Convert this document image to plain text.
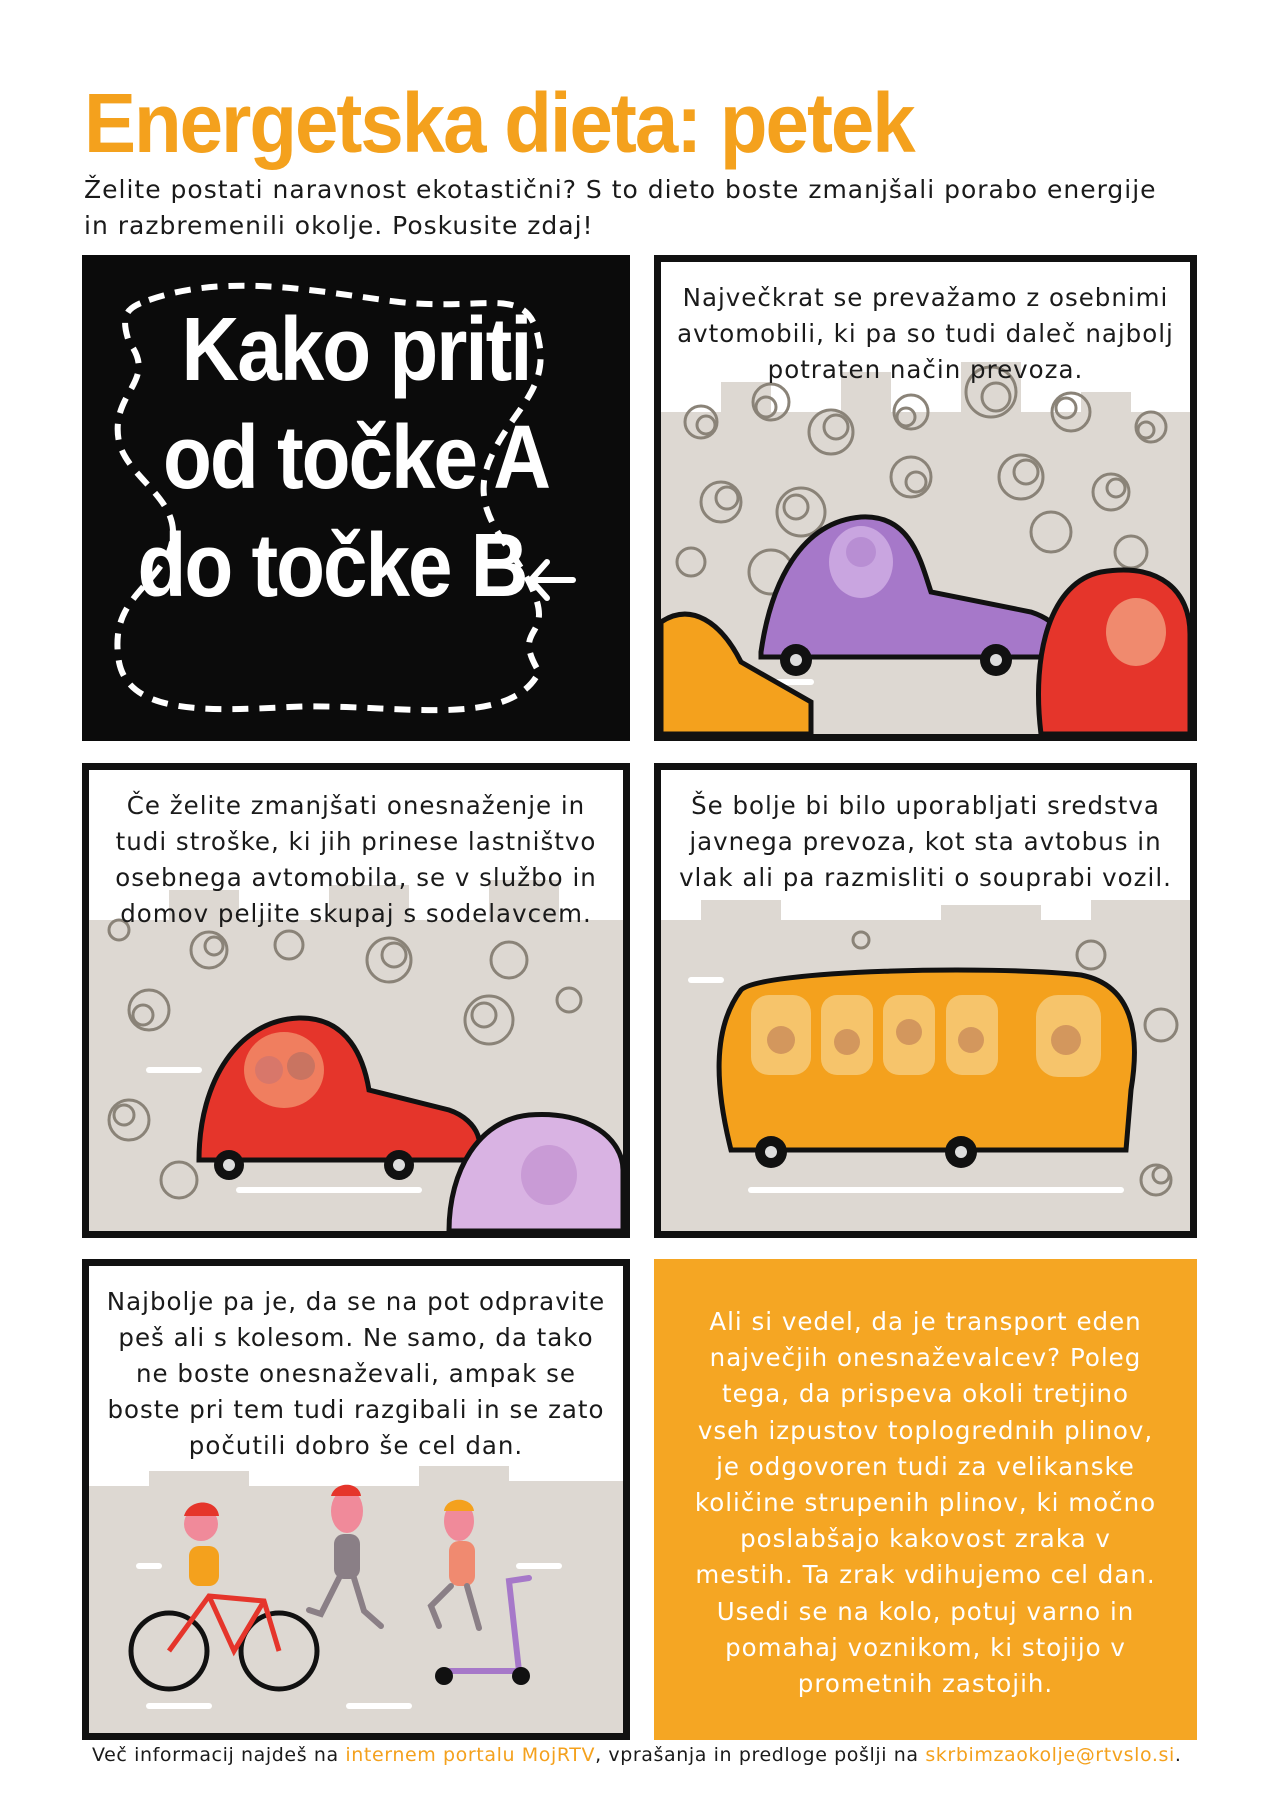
Energetska dieta: petek

Želite postati naravnost ekotastični? S to dieto boste zmanjšali porabo energije in razbremenili okolje. Poskusite zdaj!

Kako priti

od točke A

do točke B

Največkrat se prevažamo z osebnimi avtomobili, ki pa so tudi daleč najbolj potraten način prevoza.

Če želite zmanjšati onesnaženje in tudi stroške, ki jih prinese lastništvo osebnega avtomobila, se v službo in domov peljite skupaj s sodelavcem.

Še bolje bi bilo uporabljati sredstva javnega prevoza, kot sta avtobus in vlak ali pa razmisliti o souprabi vozil.

Najbolje pa je, da se na pot odpravite peš ali s kolesom. Ne samo, da tako ne boste onesnaževali, ampak se boste pri tem tudi razgibali in se zato počutili dobro še cel dan.

Ali si vedel, da je transport eden največjih onesnaževalcev? Poleg tega, da prispeva okoli tretjino vseh izpustov toplogrednih plinov, je odgovoren tudi za velikanske količine strupenih plinov, ki močno poslabšajo kakovost zraka v mestih. Ta zrak vdihujemo cel dan. Usedi se na kolo, potuj varno in pomahaj voznikom, ki stojijo v prometnih zastojih.

Več informacij najdeš na internem portalu MojRTV, vprašanja in predloge pošlji na skrbimzaokolje@rtvslo.si.
